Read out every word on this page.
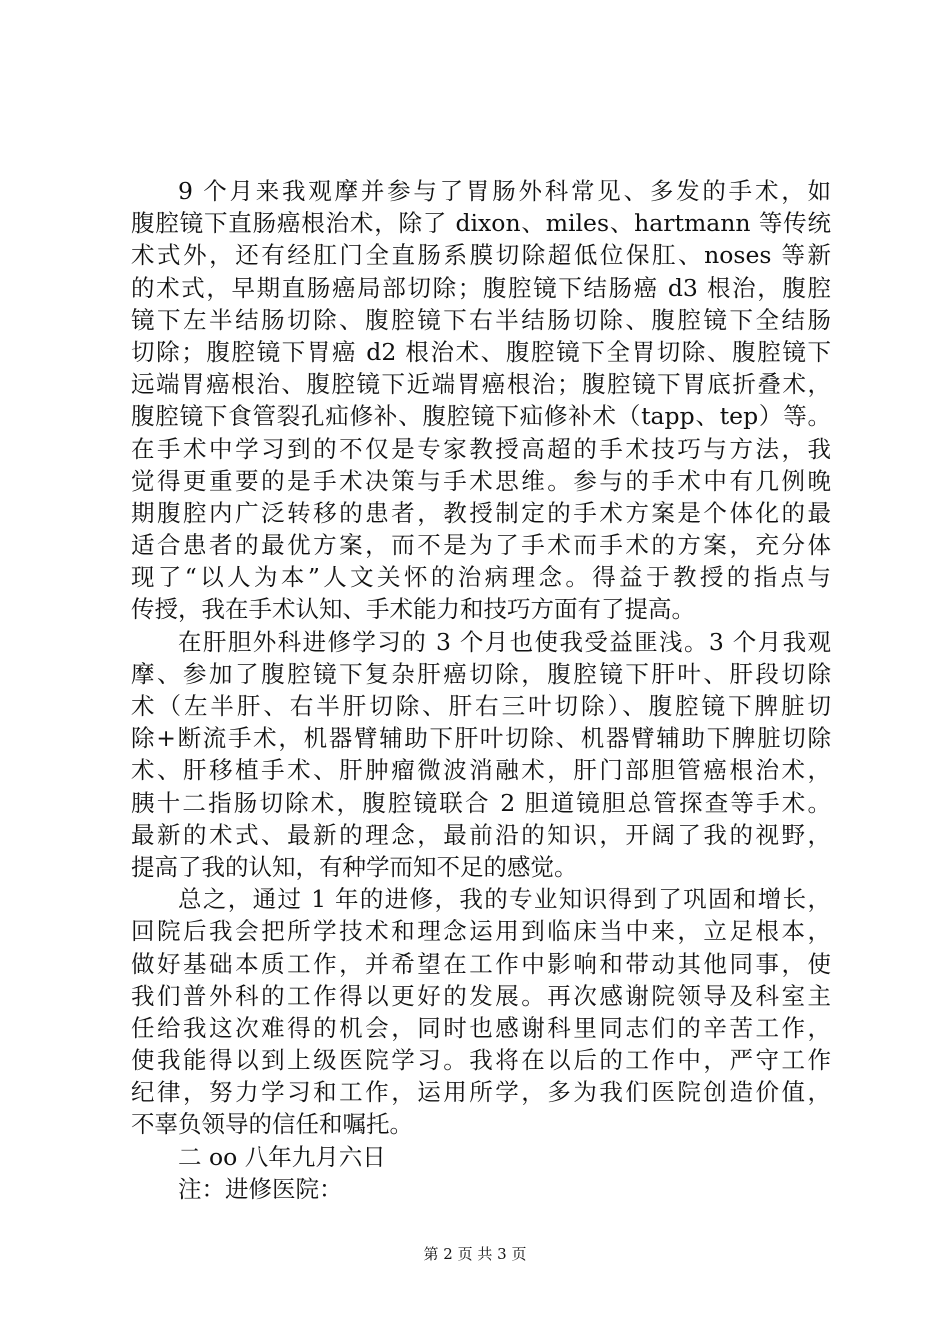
9 个月来我观摩并参与了胃肠外科常见、多发的手术，如
腹腔镜下直肠癌根治术，除了 dixon、miles、hartmann 等传统
术式外，还有经肛门全直肠系膜切除超低位保肛、noses 等新
的术式，早期直肠癌局部切除；腹腔镜下结肠癌 d3 根治，腹腔
镜下左半结肠切除、腹腔镜下右半结肠切除、腹腔镜下全结肠
切除；腹腔镜下胃癌 d2 根治术、腹腔镜下全胃切除、腹腔镜下
远端胃癌根治、腹腔镜下近端胃癌根治；腹腔镜下胃底折叠术，
腹腔镜下食管裂孔疝修补、腹腔镜下疝修补术（tapp、tep）等。
在手术中学习到的不仅是专家教授高超的手术技巧与方法，我
觉得更重要的是手术决策与手术思维。参与的手术中有几例晚
期腹腔内广泛转移的患者，教授制定的手术方案是个体化的最
适合患者的最优方案，而不是为了手术而手术的方案，充分体
现了“以人为本”人文关怀的治病理念。得益于教授的指点与
传授，我在手术认知、手术能力和技巧方面有了提高。
在肝胆外科进修学习的 3 个月也使我受益匪浅。3 个月我观
摩、参加了腹腔镜下复杂肝癌切除，腹腔镜下肝叶、肝段切除
术（左半肝、右半肝切除、肝右三叶切除）、腹腔镜下脾脏切
除+断流手术，机器臂辅助下肝叶切除、机器臂辅助下脾脏切除
术、肝移植手术、肝肿瘤微波消融术，肝门部胆管癌根治术，
胰十二指肠切除术，腹腔镜联合 2 胆道镜胆总管探查等手术。
最新的术式、最新的理念，最前沿的知识，开阔了我的视野，
提高了我的认知，有种学而知不足的感觉。
总之，通过 1 年的进修，我的专业知识得到了巩固和增长，
回院后我会把所学技术和理念运用到临床当中来，立足根本，
做好基础本质工作，并希望在工作中影响和带动其他同事，使
我们普外科的工作得以更好的发展。再次感谢院领导及科室主
任给我这次难得的机会，同时也感谢科里同志们的辛苦工作，
使我能得以到上级医院学习。我将在以后的工作中，严守工作
纪律，努力学习和工作，运用所学，多为我们医院创造价值，
不辜负领导的信任和嘱托。
二 oo 八年九月六日
注：进修医院：
第 2 页 共 3 页
